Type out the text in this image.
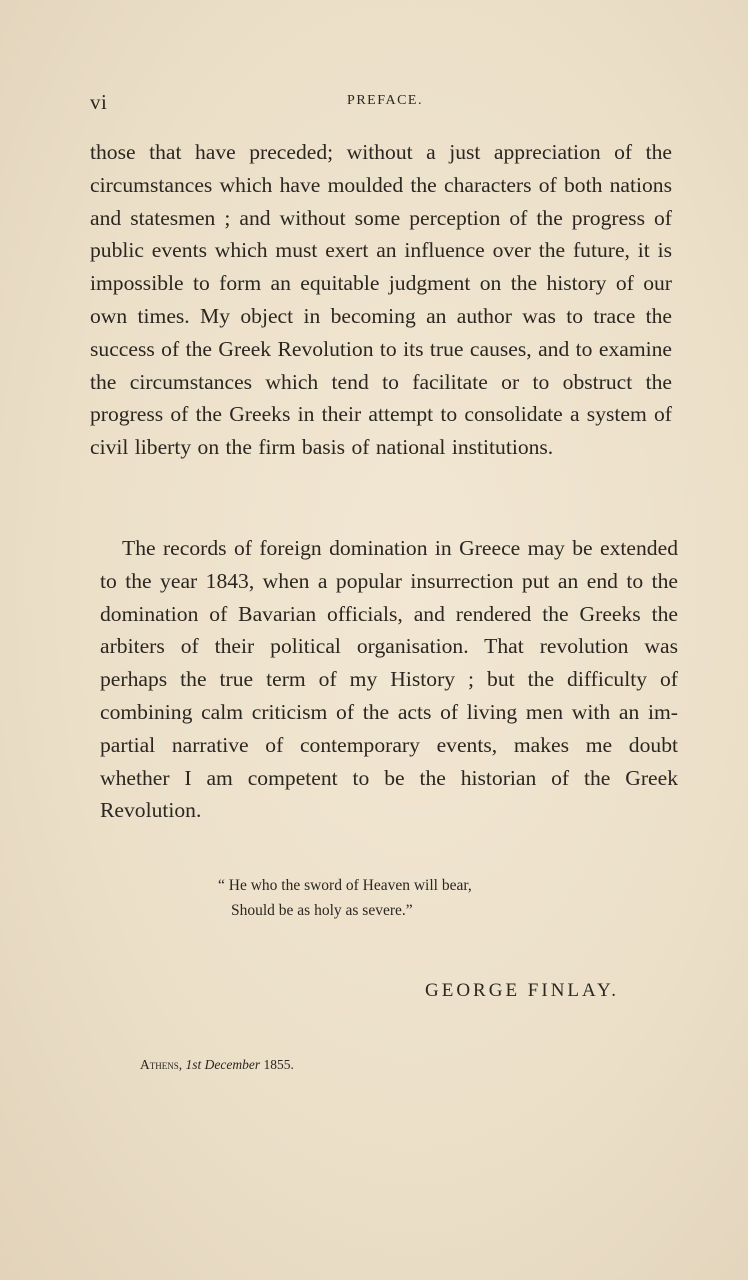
vi	PREFACE.

those that have preceded; without a just appreciation of the circumstances which have moulded the characters of both nations and statesmen ; and without some perception of the progress of public events which must exert an influence over the future, it is impossible to form an equitable judgment on the history of our own times. My object in becoming an author was to trace the success of the Greek Revolution to its true causes, and to examine the circumstances which tend to facilitate or to obstruct the progress of the Greeks in their attempt to consolidate a system of civil liberty on the firm basis of national institutions.

The records of foreign domination in Greece may be extended to the year 1843, when a popular insurrection put an end to the domination of Bavarian officials, and rendered the Greeks the arbiters of their political organisation. That revolution was perhaps the true term of my History ; but the difficulty of combining calm criticism of the acts of living men with an impartial narrative of contemporary events, makes me doubt whether I am competent to be the historian of the Greek Revolution.

“ He who the sword of Heaven will bear,
Should be as holy as severe.”
GEORGE FINLAY.
Athens, 1st December 1855.
